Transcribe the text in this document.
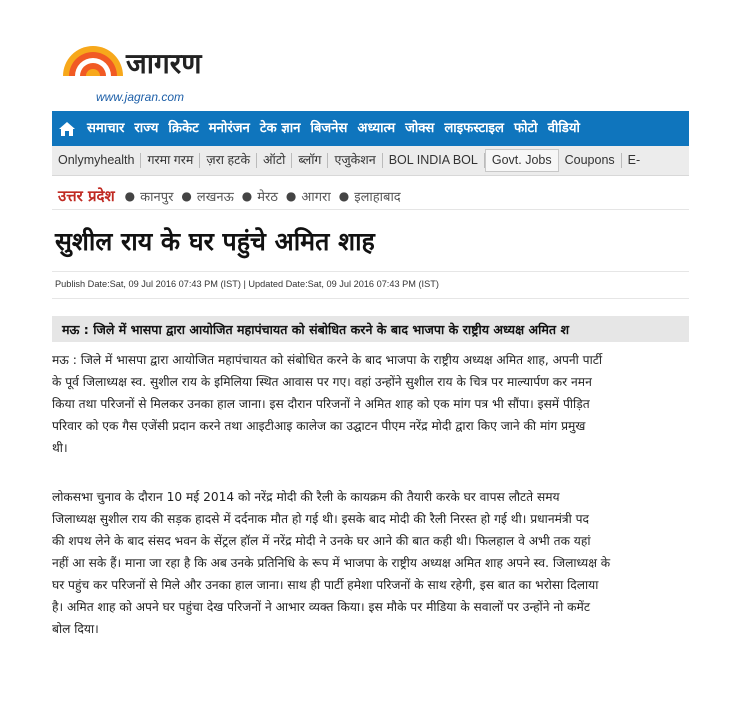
जागरण
www.jagran.com
समाचार राज्य क्रिकेट मनोरंजन टेक ज्ञान बिजनेस अध्यात्म जोक्स लाइफस्टाइल फोटो वीडियो
Onlymyhealth	गरमा गरम	ज़रा हटके	ऑटो	ब्लॉग	एजुकेशन	BOL INDIA BOL	Govt. Jobs	Coupons	E-
उत्तर प्रदेश ● कानपुर ● लखनऊ ● मेरठ ● आगरा ● इलाहाबाद
सुशील राय के घर पहुंचे अमित शाह
Publish Date:Sat, 09 Jul 2016 07:43 PM (IST) | Updated Date:Sat, 09 Jul 2016 07:43 PM (IST)
मऊ : जिले में भासपा द्वारा आयोजित महापंचायत को संबोधित करने के बाद भाजपा के राष्ट्रीय अध्यक्ष अमित श
मऊ : जिले में भासपा द्वारा आयोजित महापंचायत को संबोधित करने के बाद भाजपा के राष्ट्रीय अध्यक्ष अमित शाह, अपनी पार्टी
के पूर्व जिलाध्यक्ष स्व. सुशील राय के इमिलिया स्थित आवास पर गए। वहां उन्होंने सुशील राय के चित्र पर माल्यार्पण कर नमन
किया तथा परिजनों से मिलकर उनका हाल जाना। इस दौरान परिजनों ने अमित शाह को एक मांग पत्र भी सौंपा। इसमें पीड़ित
परिवार को एक गैस एजेंसी प्रदान करने तथा आइटीआइ कालेज का उद्घाटन पीएम नरेंद्र मोदी द्वारा किए जाने की मांग प्रमुख
थी।
लोकसभा चुनाव के दौरान 10 मई 2014 को नरेंद्र मोदी की रैली के कायक्रम की तैयारी करके घर वापस लौटते समय
जिलाध्यक्ष सुशील राय की सड़क हादसे में दर्दनाक मौत हो गई थी। इसके बाद मोदी की रैली निरस्त हो गई थी। प्रधानमंत्री पद
की शपथ लेने के बाद संसद भवन के सेंट्रल हॉल में नरेंद्र मोदी ने उनके घर आने की बात कही थी। फिलहाल वे अभी तक यहां
नहीं आ सके हैं। माना जा रहा है कि अब उनके प्रतिनिधि के रूप में भाजपा के राष्ट्रीय अध्यक्ष अमित शाह अपने स्व. जिलाध्यक्ष के
घर पहुंच कर परिजनों से मिले और उनका हाल जाना। साथ ही पार्टी हमेशा परिजनों के साथ रहेगी, इस बात का भरोसा दिलाया
है। अमित शाह को अपने घर पहुंचा देख परिजनों ने आभार व्यक्त किया। इस मौके पर मीडिया के सवालों पर उन्होंने नो कमेंट
बोल दिया।
